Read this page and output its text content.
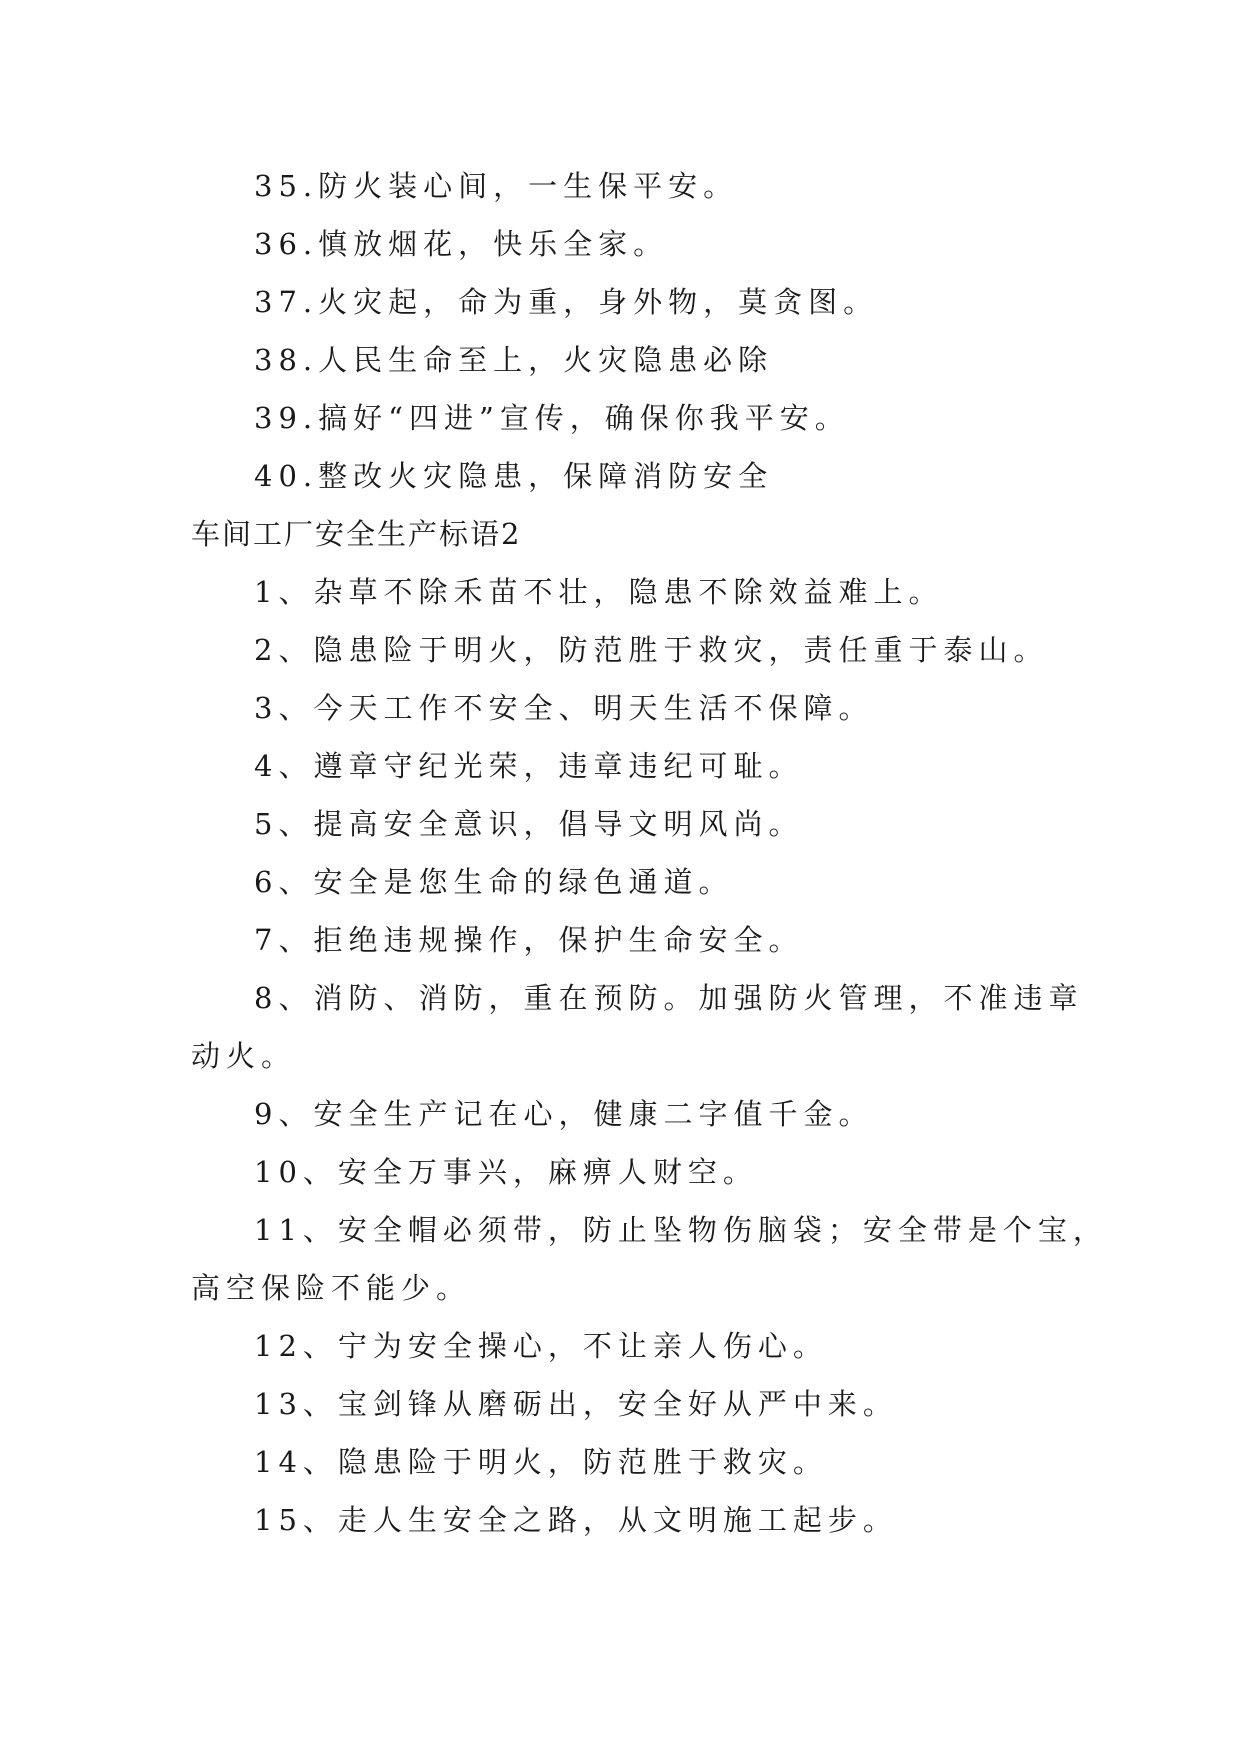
35.防火装心间，一生保平安。
36.慎放烟花，快乐全家。
37.火灾起，命为重，身外物，莫贪图。
38.人民生命至上，火灾隐患必除
39.搞好“四进”宣传，确保你我平安。
40.整改火灾隐患，保障消防安全
车间工厂安全生产标语2
1、杂草不除禾苗不壮，隐患不除效益难上。
2、隐患险于明火，防范胜于救灾，责任重于泰山。
3、今天工作不安全、明天生活不保障。
4、遵章守纪光荣，违章违纪可耻。
5、提高安全意识，倡导文明风尚。
6、安全是您生命的绿色通道。
7、拒绝违规操作，保护生命安全。
8、消防、消防，重在预防。加强防火管理，不准违章
动火。
9、安全生产记在心，健康二字值千金。
10、安全万事兴，麻痹人财空。
11、安全帽必须带，防止坠物伤脑袋；安全带是个宝，
高空保险不能少。
12、宁为安全操心，不让亲人伤心。
13、宝剑锋从磨砺出，安全好从严中来。
14、隐患险于明火，防范胜于救灾。
15、走人生安全之路，从文明施工起步。
